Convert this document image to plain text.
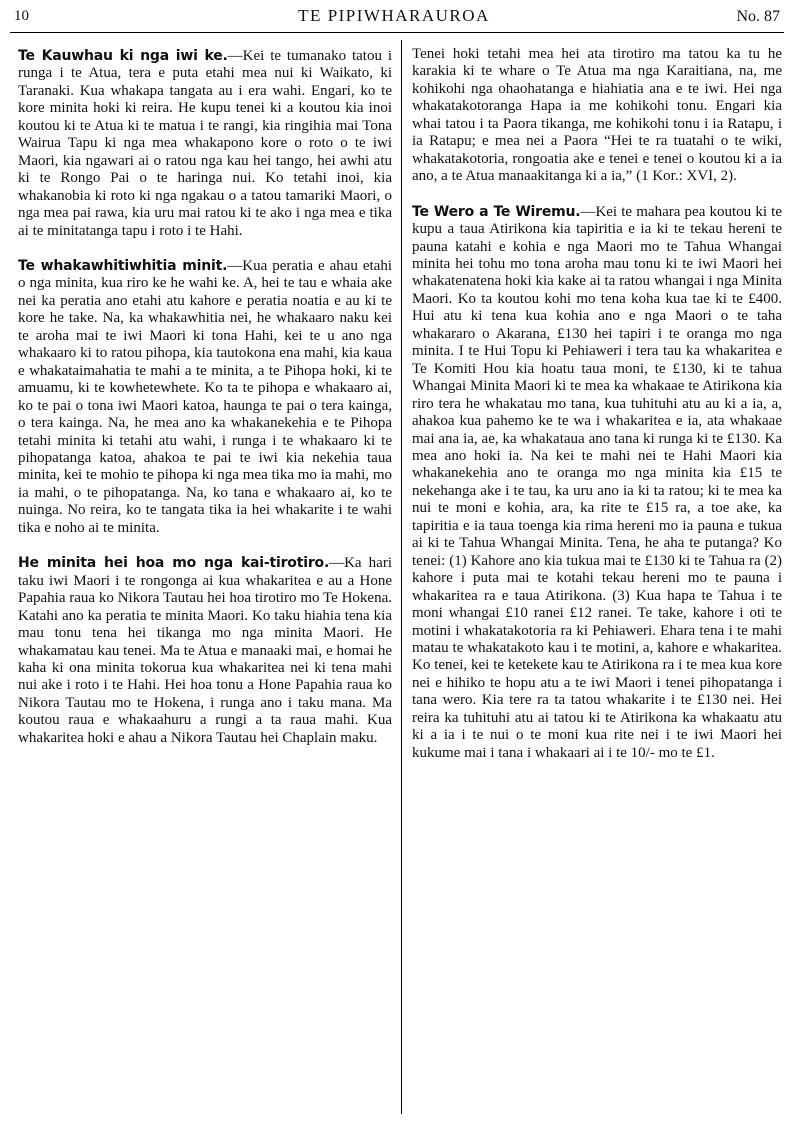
10	TE PIPIWHARAUROA	No. 87

Te Kauwhau ki nga iwi ke.—Kei te tumanako tatou i runga i te Atua, tera e puta etahi mea nui ki Waikato, ki Taranaki. Kua whakapa tangata au i era wahi. Engari, ko te kore minita hoki ki reira. He kupu tenei ki a koutou kia inoi koutou ki te Atua ki te matua i te rangi, kia ringihia mai Tona Wairua Tapu ki nga mea whakapono kore o roto o te iwi Maori, kia ngawari ai o ratou nga kau hei tango, hei awhi atu ki te Rongo Pai o te haringa nui. Ko tetahi inoi, kia whakanobia ki roto ki nga ngakau o a tatou tamariki Maori, o nga mea pai rawa, kia uru mai ratou ki te ako i nga mea e tika ai te minitatanga tapu i roto i te Hahi.

Te whakawhitiwhitia minit.—Kua peratia e ahau etahi o nga minita, kua riro ke he wahi ke. A, hei te tau e whaia ake nei ka peratia ano etahi atu kahore e peratia noatia e au ki te kore he take. Na, ka whakawhitia nei, he whakaaro naku kei te aroha mai te iwi Maori ki tona Hahi, kei te u ano nga whakaaro ki to ratou pihopa, kia tautokona ena mahi, kia kaua e whakataimahatia te mahi a te minita, a te Pihopa hoki, ki te amuamu, ki te kowhetewhete. Ko ta te pihopa e whakaaro ai, ko te pai o tona iwi Maori katoa, haunga te pai o tera kainga, o tera kainga. Na, he mea ano ka whakanekehia e te Pihopa tetahi minita ki tetahi atu wahi, i runga i te whakaaro ki te pihopatanga katoa, ahakoa te pai te iwi kia nekehia taua minita, kei te mohio te pihopa ki nga mea tika mo ia mahi, mo ia mahi, o te pihopatanga. Na, ko tana e whakaaro ai, ko te nuinga. No reira, ko te tangata tika ia hei whakarite i te wahi tika e noho ai te minita.

He minita hei hoa mo nga kai-tirotiro.—Ka hari taku iwi Maori i te rongonga ai kua whakaritea e au a Hone Papahia raua ko Nikora Tautau hei hoa tirotiro mo Te Hokena. Katahi ano ka peratia te minita Maori. Ko taku hiahia tena kia mau tonu tena hei tikanga mo nga minita Maori. He whakamatau kau tenei. Ma te Atua e manaaki mai, e homai he kaha ki ona minita tokorua kua whakaritea nei ki tena mahi nui ake i roto i te Hahi. Hei hoa tonu a Hone Papahia raua ko Nikora Tautau mo te Hokena, i runga ano i taku mana. Ma koutou raua e whakaahuru a rungi a ta raua mahi. Kua whakaritea hoki e ahau a Nikora Tautau hei Chaplain maku.

Tenei hoki tetahi mea hei ata tirotiro ma tatou ka tu he karakia ki te whare o Te Atua ma nga Karaitiana, na, me kohikohi nga ohaohatanga e hiahiatia ana e te iwi. Hei nga whakatakotoranga Hapa ia me kohikohi tonu. Engari kia whai tatou i ta Paora tikanga, me kohikohi tonu i ia Ratapu, i ia Ratapu; e mea nei a Paora “Hei te ra tuatahi o te wiki, whakatakotoria, rongoatia ake e tenei e tenei o koutou ki a ia ano, a te Atua manaakitanga ki a ia,” (1 Kor.: XVI, 2).

Te Wero a Te Wiremu.—Kei te mahara pea koutou ki te kupu a taua Atirikona kia tapiritia e ia ki te tekau hereni te pauna katahi e kohia e nga Maori mo te Tahua Whangai minita hei tohu mo tona aroha mau tonu ki te iwi Maori hei whakatenatena hoki kia kake ai ta ratou whangai i nga Minita Maori. Ko ta koutou kohi mo tena koha kua tae ki te £400. Hui atu ki tena kua kohia ano e nga Maori o te taha whakararo o Akarana, £130 hei tapiri i te oranga mo nga minita. I te Hui Topu ki Pehiaweri i tera tau ka whakaritea e Te Komiti Hou kia hoatu taua moni, te £130, ki te tahua Whangai Minita Maori ki te mea ka whakaae te Atirikona kia riro tera he whakatau mo tana, kua tuhituhi atu au ki a ia, a, ahakoa kua pahemo ke te wa i whakaritea e ia, ata whakaae mai ana ia, ae, ka whakataua ano tana ki runga ki te £130. Ka mea ano hoki ia. Na kei te mahi nei te Hahi Maori kia whakanekehia ano te oranga mo nga minita kia £15 te nekehanga ake i te tau, ka uru ano ia ki ta ratou; ki te mea ka nui te moni e kohia, ara, ka rite te £15 ra, a toe ake, ka tapiritia e ia taua toenga kia rima hereni mo ia pauna e tukua ai ki te Tahua Whangai Minita. Tena, he aha te putanga? Ko tenei: (1) Kahore ano kia tukua mai te £130 ki te Tahua ra (2) kahore i puta mai te kotahi tekau hereni mo te pauna i whakaritea ra e taua Atirikona. (3) Kua hapa te Tahua i te moni whangai £10 ranei £12 ranei. Te take, kahore i oti te motini i whakatakotoria ra ki Pehiaweri. Ehara tena i te mahi matau te whakatakoto kau i te motini, a, kahore e whakaritea. Ko tenei, kei te ketekete kau te Atirikona ra i te mea kua kore nei e hihiko te hopu atu a te iwi Maori i tenei pihopatanga i tana wero. Kia tere ra ta tatou whakarite i te £130 nei. Hei reira ka tuhituhi atu ai tatou ki te Atirikona ka whakaatu atu ki a ia i te nui o te moni kua rite nei i te iwi Maori hei kukume mai i tana i whakaari ai i te 10/- mo te £1.
